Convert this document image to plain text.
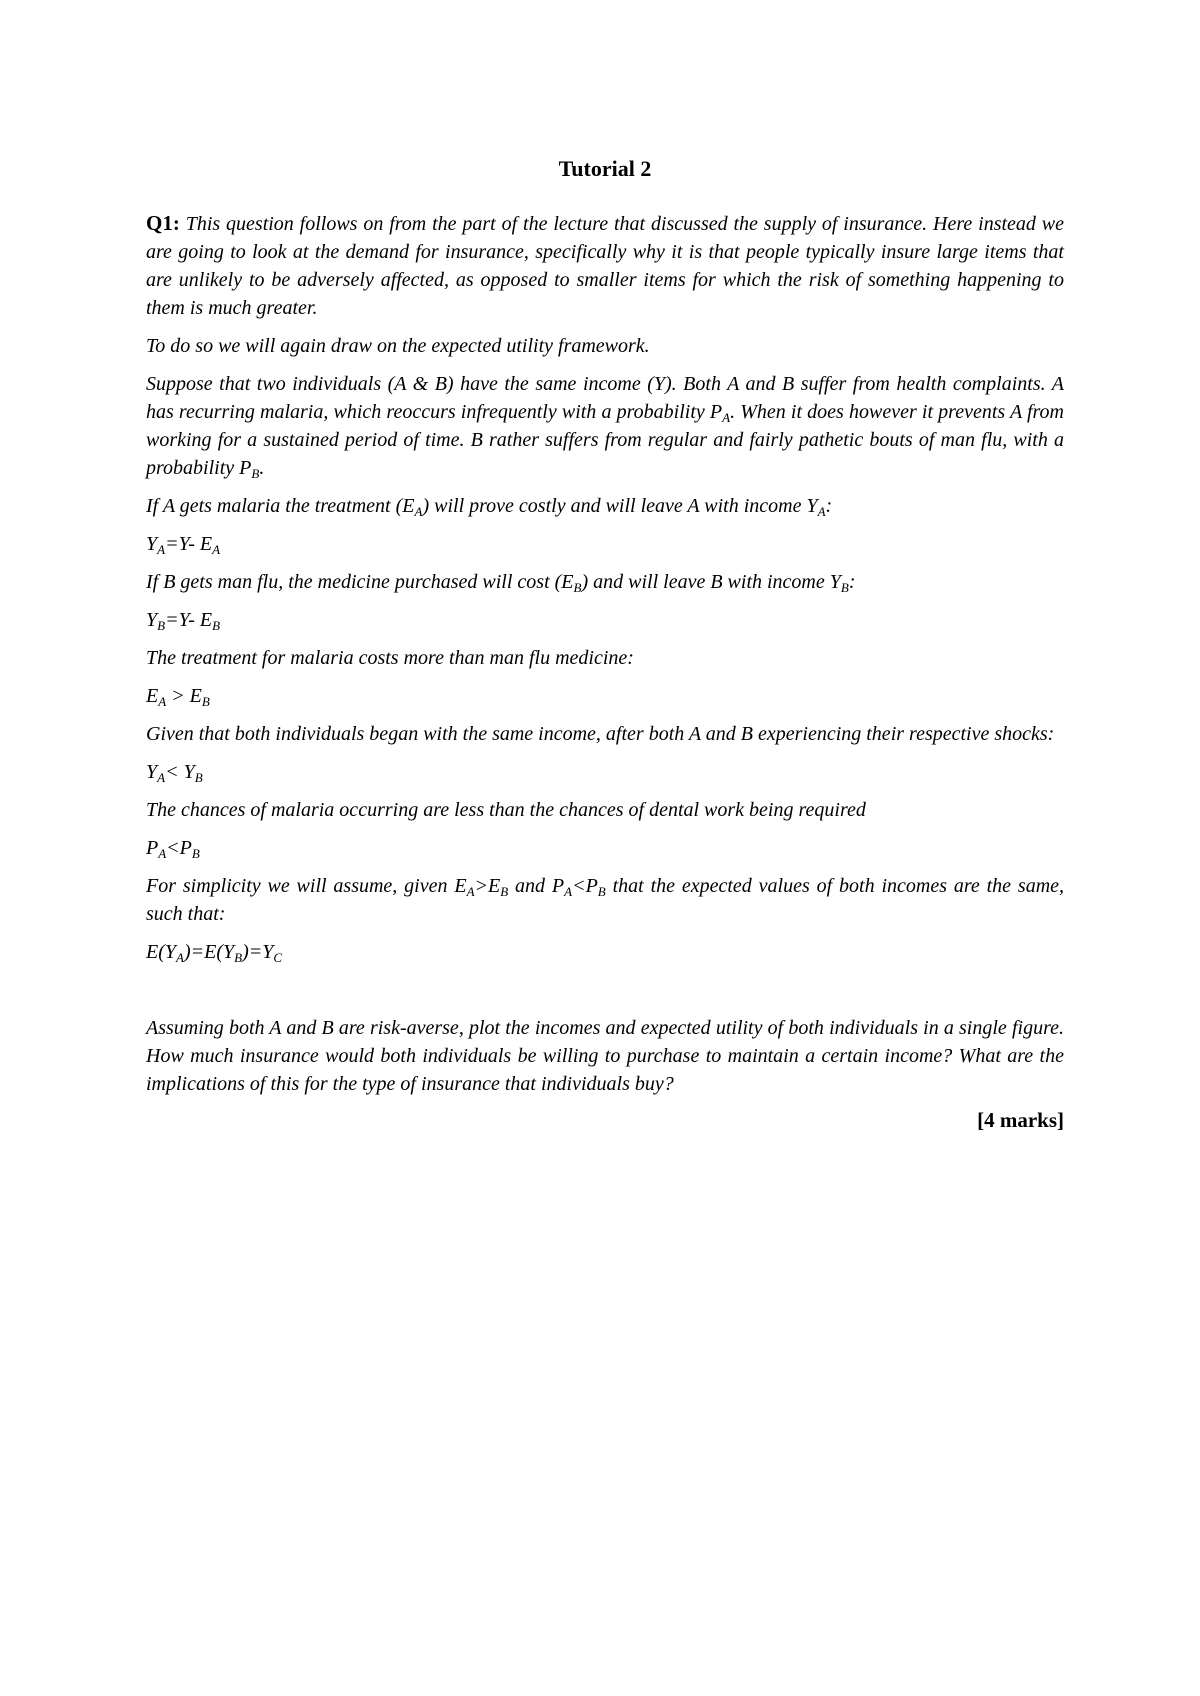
Tutorial 2

Q1: This question follows on from the part of the lecture that discussed the supply of insurance. Here instead we are going to look at the demand for insurance, specifically why it is that people typically insure large items that are unlikely to be adversely affected, as opposed to smaller items for which the risk of something happening to them is much greater.

To do so we will again draw on the expected utility framework.

Suppose that two individuals (A & B) have the same income (Y). Both A and B suffer from health complaints. A has recurring malaria, which reoccurs infrequently with a probability $P_A$. When it does however it prevents A from working for a sustained period of time. B rather suffers from regular and fairly pathetic bouts of man flu, with a probability $P_B$.

If A gets malaria the treatment $(E_A)$ will prove costly and will leave A with income $Y_A$:

$Y_A=Y-$ $E_A$

If B gets man flu, the medicine purchased will cost $(E_B)$ and will leave B with income $Y_B$:

$Y_B=Y-$ $E_B$

The treatment for malaria costs more than man flu medicine:

$E_A > E_B$

Given that both individuals began with the same income, after both A and B experiencing their respective shocks:

$Y_A< Y_B$

The chances of malaria occurring are less than the chances of dental work being required

$P_A<P_B$

For simplicity we will assume, given $E_A>E_B$ and $P_A<P_B$ that the expected values of both incomes are the same, such that:

$E(Y_A)=E(Y_B)=Y_C$

Assuming both A and B are risk-averse, plot the incomes and expected utility of both individuals in a single figure. How much insurance would both individuals be willing to purchase to maintain a certain income? What are the implications of this for the type of insurance that individuals buy?

[4 marks]
